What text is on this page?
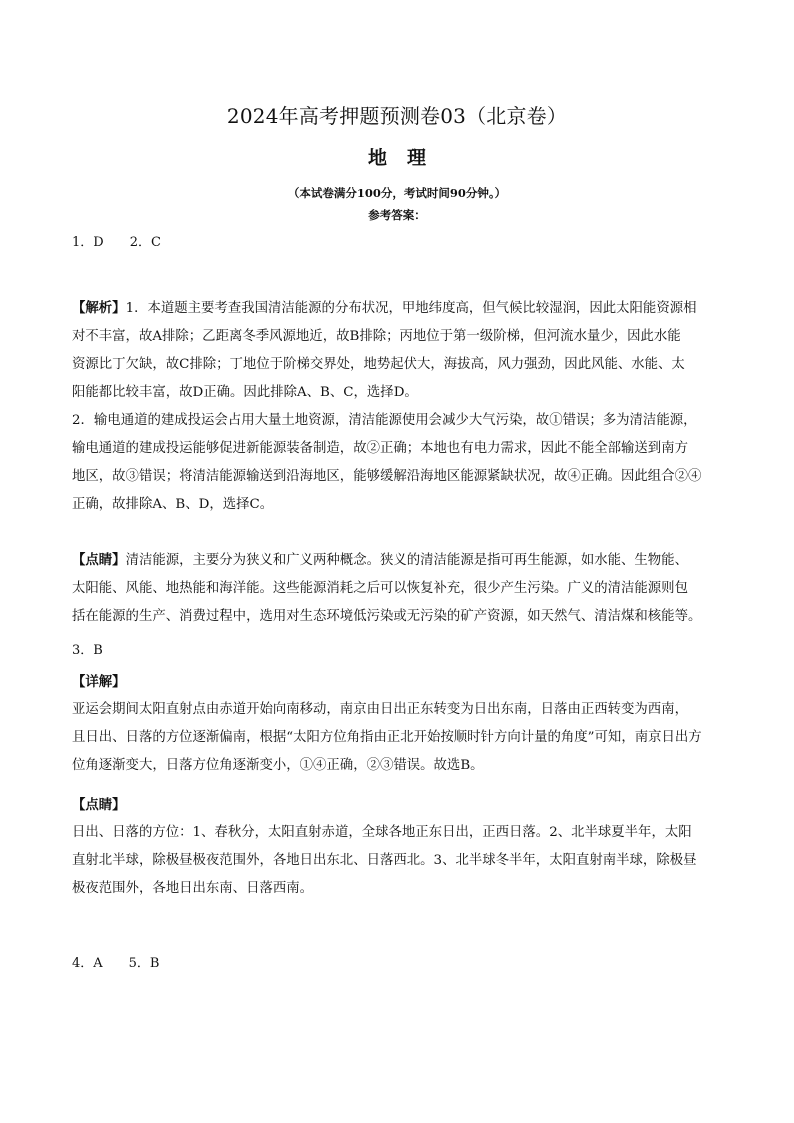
2024年高考押题预测卷03（北京卷）
地理
（本试卷满分100分，考试时间90分钟。）
参考答案：
1．D　　2．C
【解析】1．本道题主要考查我国清洁能源的分布状况，甲地纬度高，但气候比较湿润，因此太阳能资源相
对不丰富，故A排除；乙距离冬季风源地近，故B排除；丙地位于第一级阶梯，但河流水量少，因此水能
资源比丁欠缺，故C排除；丁地位于阶梯交界处，地势起伏大，海拔高，风力强劲，因此风能、水能、太
阳能都比较丰富，故D正确。因此排除A、B、C，选择D。
2．输电通道的建成投运会占用大量土地资源，清洁能源使用会减少大气污染，故①错误；多为清洁能源，
输电通道的建成投运能够促进新能源装备制造，故②正确；本地也有电力需求，因此不能全部输送到南方
地区，故③错误；将清洁能源输送到沿海地区，能够缓解沿海地区能源紧缺状况，故④正确。因此组合②④
正确，故排除A、B、D，选择C。
【点睛】清洁能源，主要分为狭义和广义两种概念。狭义的清洁能源是指可再生能源，如水能、生物能、
太阳能、风能、地热能和海洋能。这些能源消耗之后可以恢复补充，很少产生污染。广义的清洁能源则包
括在能源的生产、消费过程中，选用对生态环境低污染或无污染的矿产资源，如天然气、清洁煤和核能等。
3．B
【详解】
亚运会期间太阳直射点由赤道开始向南移动，南京由日出正东转变为日出东南，日落由正西转变为西南，
且日出、日落的方位逐渐偏南，根据“太阳方位角指由正北开始按顺时针方向计量的角度”可知，南京日出方
位角逐渐变大，日落方位角逐渐变小，①④正确，②③错误。故选B。
【点睛】
日出、日落的方位：1、春秋分，太阳直射赤道，全球各地正东日出，正西日落。2、北半球夏半年，太阳
直射北半球，除极昼极夜范围外，各地日出东北、日落西北。3、北半球冬半年，太阳直射南半球，除极昼
极夜范围外，各地日出东南、日落西南。
4．A　　5．B
